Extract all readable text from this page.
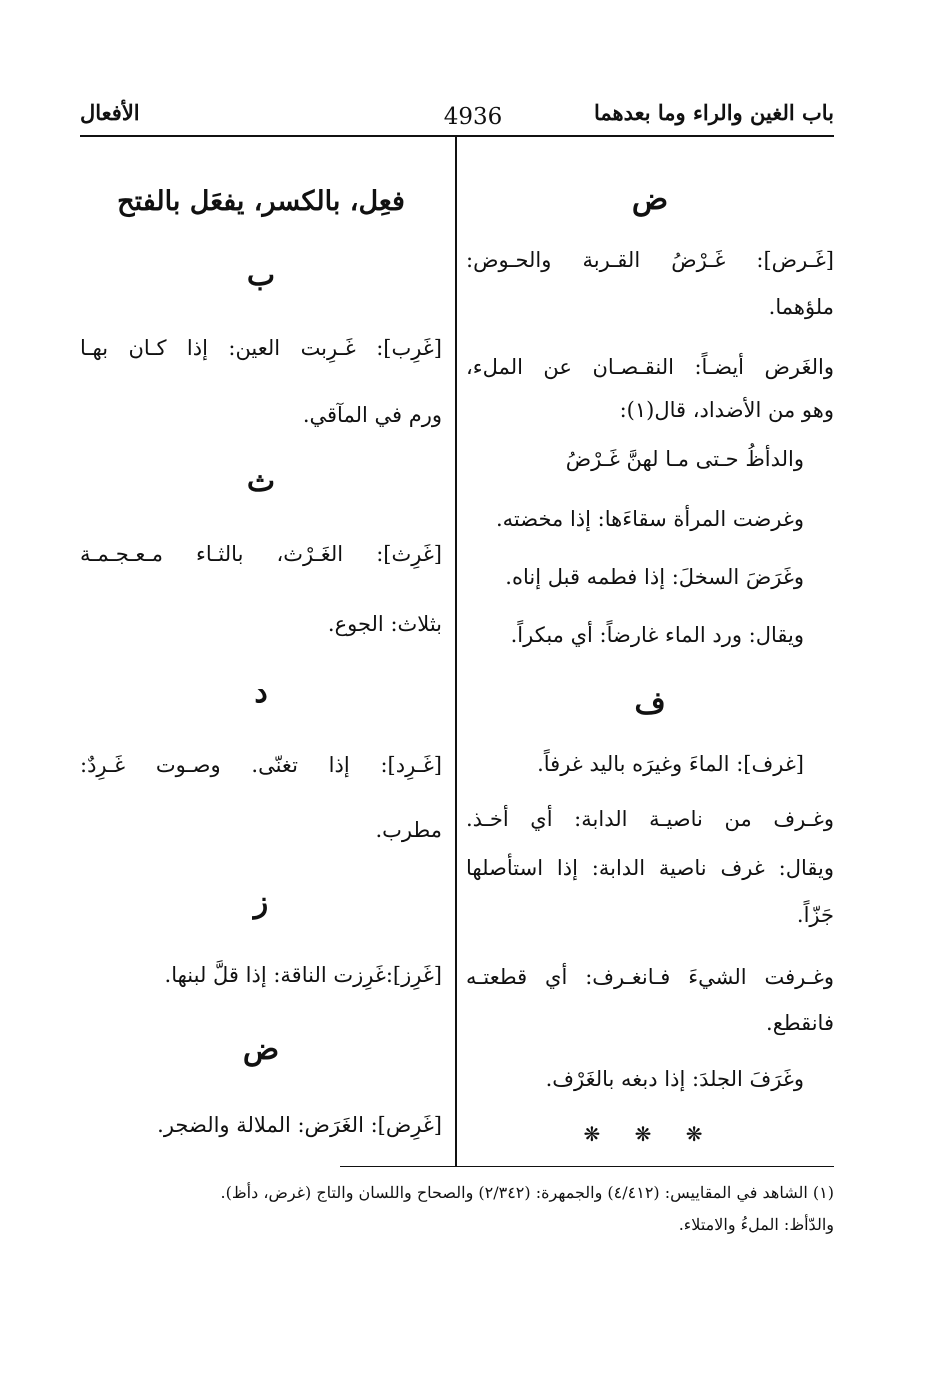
باب الغين والراء وما بعدهما
4936
الأفعال
ض
[غَـرض]: غَـرْضُ القـربة والحـوض:
ملؤهما.
والغَرض أيضـاً: النقـصـان عن الملء،
وهو من الأضداد، قال(١):
والدأظُ حـتى مـا لهنَّ غَـرْضُ
وغرضت المرأة سقاءَها: إذا مخضته.
وغَرَضَ السخلَ: إذا فطمه قبل إناه.
ويقال: ورد الماء غارضاً: أي مبكراً.
ف
[غرف]: الماءَ وغيرَه باليد غرفاً.
وغـرف من ناصيـة الدابة: أي أخـذ.
ويقال: غرف ناصية الدابة: إذا استأصلها
جَزّاً.
وغـرفت الشيءَ فـانغـرف: أي قطعتـه
فانقطع.
وغَرَفَ الجلدَ: إذا دبغه بالغَرْف.
❋ ❋ ❋
فعِل، بالكسر، يفعَل بالفتح
ب
[غَرِب]: غَـرِبت العين: إذا كـان بهـا
ورم في المآقي.
ث
[غَرِث]: الغَـرْث، بالثـاء مـعـجـمـة
بثلاث: الجوع.
د
[غَـرِد]: إذا تغنّى. وصـوت غَـرِدٌ:
مطرب.
ز
[غَرِز]:غَرِزت الناقة: إذا قلَّ لبنها.
ض
[غَرِض]: الغَرَض: الملالة والضجر.
(١) الشاهد في المقاييس: (٤/٤١٢) والجمهرة: (٢/٣٤٢) والصحاح واللسان والتاج (غرض، دأظ).
والدّأظ: الملءُ والامتلاء.
